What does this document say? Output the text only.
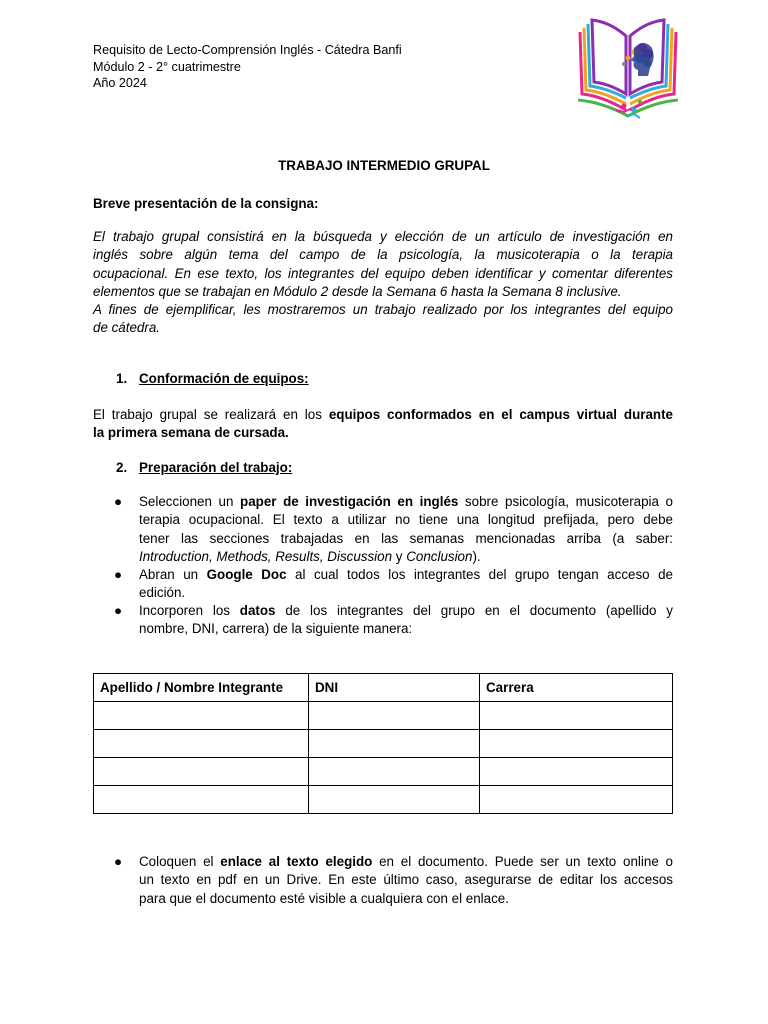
Requisito de Lecto-Comprensión Inglés - Cátedra Banfi
Módulo 2 - 2° cuatrimestre
Año 2024
TRABAJO INTERMEDIO GRUPAL
Breve presentación de la consigna:
El trabajo grupal consistirá en la búsqueda y elección de un artículo de investigación en
inglés sobre algún tema del campo de la psicología, la musicoterapia o la terapia
ocupacional. En ese texto, los integrantes del equipo deben identificar y comentar diferentes
elementos que se trabajan en Módulo 2 desde la Semana 6 hasta la Semana 8 inclusive.
A fines de ejemplificar, les mostraremos un trabajo realizado por los integrantes del equipo
de cátedra.
1. Conformación de equipos:
El trabajo grupal se realizará en los equipos conformados en el campus virtual durante
la primera semana de cursada.
2. Preparación del trabajo:
● Seleccionen un paper de investigación en inglés sobre psicología, musicoterapia o
terapia ocupacional. El texto a utilizar no tiene una longitud prefijada, pero debe
tener las secciones trabajadas en las semanas mencionadas arriba (a saber:
Introduction, Methods, Results, Discussion y Conclusion).
● Abran un Google Doc al cual todos los integrantes del grupo tengan acceso de
edición.
● Incorporen los datos de los integrantes del grupo en el documento (apellido y
nombre, DNI, carrera) de la siguiente manera:
Apellido / Nombre Integrante	DNI	Carrera

● Coloquen el enlace al texto elegido en el documento. Puede ser un texto online o
un texto en pdf en un Drive. En este último caso, asegurarse de editar los accesos
para que el documento esté visible a cualquiera con el enlace.
